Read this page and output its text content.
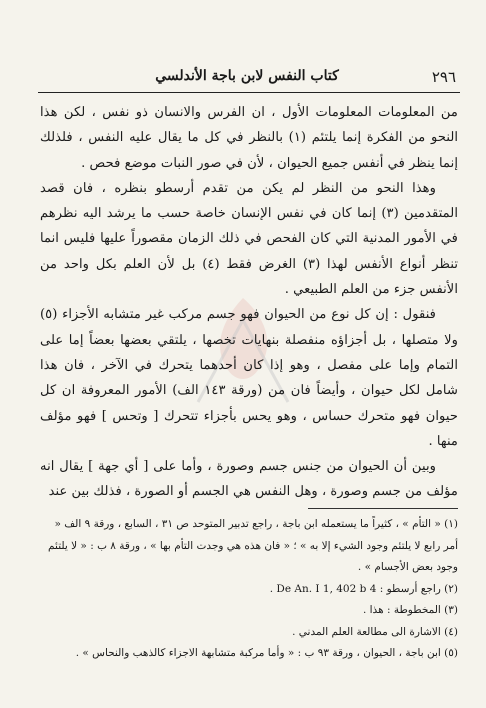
٢٩٦
كتاب النفس لابن باجة الأندلسي

من المعلومات المعلومات الأول ، ان الفرس والانسان ذو نفس ، لكن هذا النحو من الفكرة إنما يلتئم (١) بالنظر في كل ما يقال عليه النفس ، فلذلك إنما ينظر في أنفس جميع الحيوان ، لأن في صور النبات موضع فحص .

وهذا النحو من النظر لم يكن من تقدم أرسطو بنظره ، فان قصد المتقدمين (٣) إنما كان في نفس الإنسان خاصة حسب ما يرشد اليه نظرهم في الأمور المدنية التي كان الفحص في ذلك الزمان مقصوراً عليها فليس انما تنظر أنواع الأنفس لهذا (٣) الغرض فقط (٤) بل لأن العلم بكل واحد من الأنفس جزء من العلم الطبيعي .

فنقول : إن كل نوع من الحيوان فهو جسم مركب غير متشابه الأجزاء (٥) ولا متصلها ، بل أجزاؤه منفصلة بنهايات تخصها ، يلتقي بعضها بعضاً إما على التمام وإما على مفصل ، وهو إذا كان أحدهما يتحرك في الآخر ، فان هذا شامل لكل حيوان ، وأيضاً فان من (ورقة ١٤٣ الف) الأمور المعروفة ان كل حيوان فهو متحرك حساس ، وهو يحس بأجزاء تتحرك [ وتحس ] فهو مؤلف منها .

وبين أن الحيوان من جنس جسم وصورة ، وأما على [ أي جهة ] يقال انه مؤلف من جسم وصورة ، وهل النفس هي الجسم أو الصورة ، فذلك بين عند

(١) « التأم » ، كثيراً ما يستعمله ابن باجة ، راجع تدبير المتوحد ص ٣١ ، السابع ، ورقة ٩ الف « أمر رابع لا يلتئم وجود الشيء إلا به » ؛ « فان هذه هي وجدت التأم بها » ، ورقة ٨ ب : « لا يلتئم وجود بعض الأجسام » .
(٢) راجع أرسطو : De An. I 1, 402 b 4 .
(٣) المخطوطة : هذا .
(٤) الاشارة الى مطالعة العلم المدني .
(٥) ابن باجة ، الحيوان ، ورقة ٩٣ ب : « وأما مركبة متشابهة الاجزاء كالذهب والنحاس » .
